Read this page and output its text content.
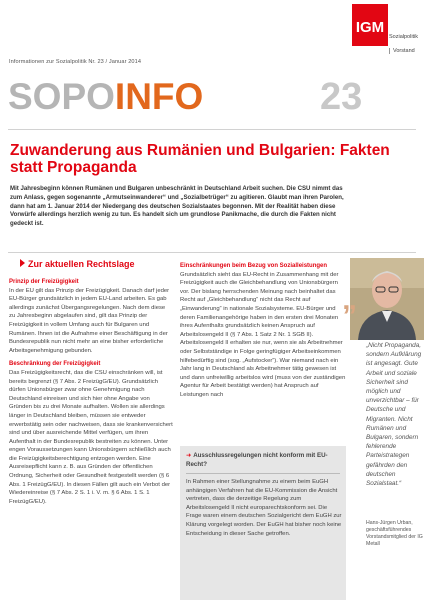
IGM
Sozialpolitik
Vorstand
Informationen zur Sozialpolitik Nr. 23 / Januar 2014
SOPOINFO	23
Zuwanderung aus Rumänien und Bulgarien: Fakten statt Propaganda
Mit Jahresbeginn können Rumänen und Bulgaren unbeschränkt in Deutschland Arbeit suchen. Die CSU nimmt das zum Anlass, gegen sogenannte „Armutseinwanderer“ und „Sozialbetrüger“ zu agitieren. Glaubt man ihren Parolen, dann hat am 1. Januar 2014 der Niedergang des deutschen Sozialstaates begonnen. Mit der Realität haben diese Vorwürfe allerdings herzlich wenig zu tun. Es handelt sich um grundlose Panikmache, die durch die Fakten nicht gedeckt ist.
Zur aktuellen Rechtslage
Prinzip der Freizügigkeit

In der EU gilt das Prinzip der Freizügigkeit. Danach darf jeder EU-Bürger grundsätzlich in jedem EU-Land arbeiten. Es gab allerdings zunächst Übergangsregelungen. Nach dem diese zu Jahresbeginn abgelaufen sind, gilt das Prinzip der Freizügigkeit in vollem Umfang auch für Bulgaren und Rumänen. Ihnen ist die Aufnahme einer Beschäftigung in der Bundesrepublik nun nicht mehr an eine bisher erforderliche Arbeitsgenehmigung gebunden.

Beschränkung der Freizügigkeit

Das Freizügigkeitsrecht, das die CSU einschränken will, ist bereits begrenzt (§ 7 Abs. 2 FreizügG/EU). Grundsätzlich dürfen Unionsbürger zwar ohne Genehmigung nach Deutschland einreisen und sich hier ohne Angabe von Gründen bis zu drei Monate aufhalten. Wollen sie allerdings länger in Deutschland bleiben, müssen sie entweder erwerbstätig sein oder nachweisen, dass sie krankenversichert sind und über ausreichende Mittel verfügen, um ihren Aufenthalt in der Bundesrepublik bestreiten zu können. Unter engen Voraussetzungen kann Unionsbürgern schließlich auch die Freizügigkeitsberechtigung entzogen werden. Eine Ausreisepflicht kann z. B. aus Gründen der öffentlichen Ordnung, Sicherheit oder Gesundheit festgestellt werden (§ 6 Abs. 1 FreizügG/EU). In diesen Fällen gilt auch ein Verbot der Wiedereinreise (§ 7 Abs. 2 S. 1 i. V. m. § 6 Abs. 1 S. 1 FreizügG/EU).

Einschränkungen beim Bezug von Sozialleistungen

Grundsätzlich sieht das EU-Recht in Zusammenhang mit der Freizügigkeit auch die Gleichbehandlung von Unionsbürgern vor. Der bislang herrschenden Meinung nach beinhaltet das Recht auf „Gleichbehandlung“ nicht das Recht auf „Einwanderung“ in nationale Sozialsysteme. EU-Bürger und deren Familienangehörige haben in den ersten drei Monaten ihres Aufenthalts grundsätzlich keinen Anspruch auf Arbeitslosengeld II (§ 7 Abs. 1 Satz 2 Nr. 1 SGB II). Arbeitslosengeld II erhalten sie nur, wenn sie als Arbeitnehmer oder Selbstständige in Folge geringfügiger Arbeitseinkommen hilfebedürftig sind (sog. „Aufstocker“). War niemand nach ein Jahr lang in Deutschland als Arbeitnehmer tätig gewesen ist und dann unfreiwillig arbeitslos wird (muss von der zuständigen Agentur für Arbeit bestätigt werden) hat Anspruch auf Leistungen nach

„
„Nicht Propaganda, sondern Aufklärung ist angesagt. Gute Arbeit und soziale Sicherheit sind möglich und unverzichtbar – für Deutsche und Migranten. Nicht Rumänen und Bulgaren, sondern fehlerende Parteistrategen gefährden den deutschen Sozialstaat.“
Hans-Jürgen Urban, geschäftsführendes Vorstandsmitglied der IG Metall
➜ Ausschlussregelungen nicht konform mit EU-Recht?
In Rahmen einer Stellungnahme zu einem beim EuGH anhängigen Verfahren hat die EU-Kommission die Ansicht vertreten, dass die derzeitige Regelung zum Arbeitslosengeld II nicht europarechtskonform sei. Die Frage waren einem deutschen Sozialgericht dem EuGH zur Klärung vorgelegt worden. Der EuGH hat bisher noch keine Entscheidung in dieser Sache getroffen.
